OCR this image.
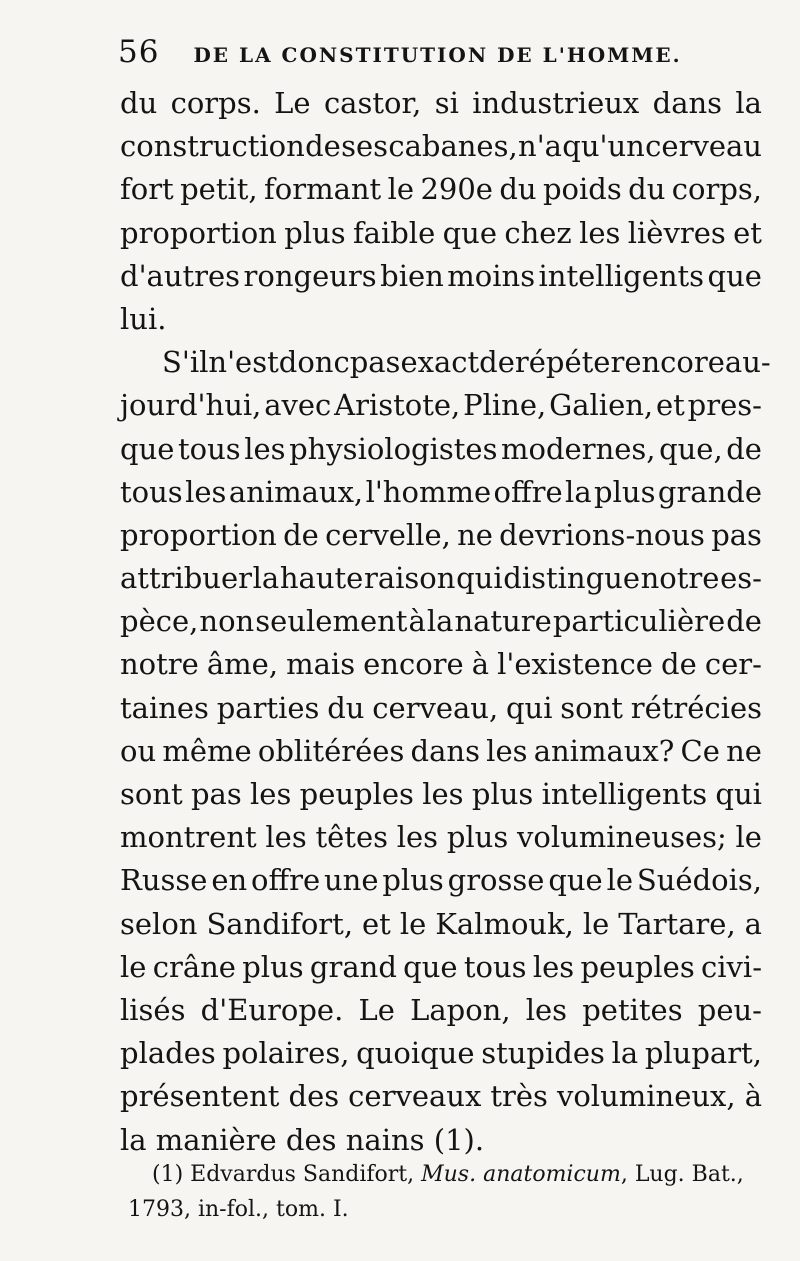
56 DE LA CONSTITUTION DE L'HOMME.
du corps. Le castor, si industrieux dans la
construction de ses cabanes, n'a qu'un cerveau
fort petit, formant le 290e du poids du corps,
proportion plus faible que chez les lièvres et
d'autres rongeurs bien moins intelligents que
lui.
S'il n'est donc pas exact de répéter encore au-
jourd'hui, avec Aristote, Pline, Galien, et pres-
que tous les physiologistes modernes, que, de
tous les animaux, l'homme offre la plus grande
proportion de cervelle, ne devrions-nous pas
attribuer la haute raison qui distingue notre es-
pèce, non seulement à la nature particulière de
notre âme, mais encore à l'existence de cer-
taines parties du cerveau, qui sont rétrécies
ou même oblitérées dans les animaux? Ce ne
sont pas les peuples les plus intelligents qui
montrent les têtes les plus volumineuses; le
Russe en offre une plus grosse que le Suédois,
selon Sandifort, et le Kalmouk, le Tartare, a
le crâne plus grand que tous les peuples civi-
lisés d'Europe. Le Lapon, les petites peu-
plades polaires, quoique stupides la plupart,
présentent des cerveaux très volumineux, à
la manière des nains (1).
(1) Edvardus Sandifort, Mus. anatomicum , Lug. Bat.,
1793, in-fol., tom. I.
